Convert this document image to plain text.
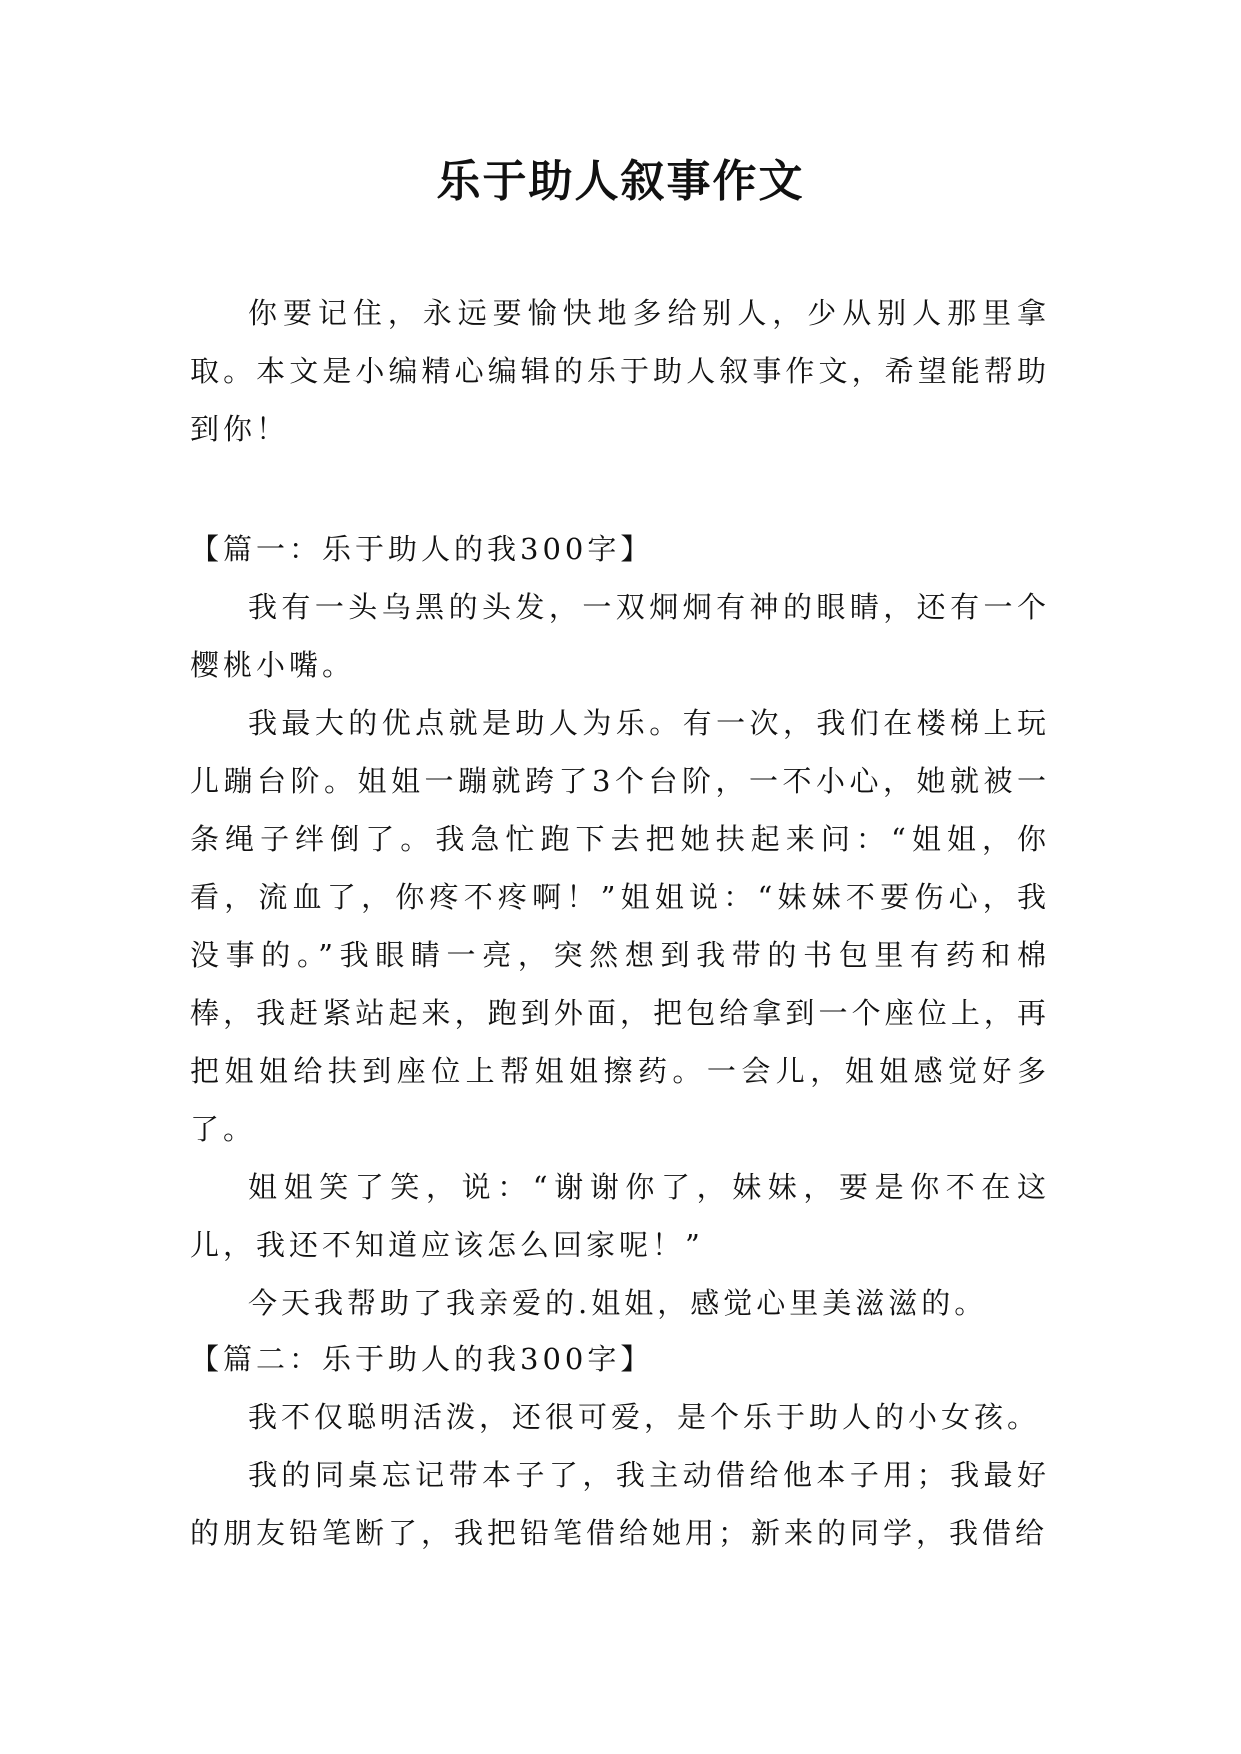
乐于助人叙事作文

你要记住，永远要愉快地多给别人，少从别人那里拿取。本文是小编精心编辑的乐于助人叙事作文，希望能帮助到你！

【篇一：乐于助人的我300字】

我有一头乌黑的头发，一双炯炯有神的眼睛，还有一个樱桃小嘴。

我最大的优点就是助人为乐。有一次，我们在楼梯上玩儿蹦台阶。姐姐一蹦就跨了3个台阶，一不小心，她就被一条绳子绊倒了。我急忙跑下去把她扶起来问：“姐姐，你看，流血了，你疼不疼啊！”姐姐说：“妹妹不要伤心，我没事的。”我眼睛一亮，突然想到我带的书包里有药和棉棒，我赶紧站起来，跑到外面，把包给拿到一个座位上，再把姐姐给扶到座位上帮姐姐擦药。一会儿，姐姐感觉好多了。

姐姐笑了笑，说：“谢谢你了，妹妹，要是你不在这儿，我还不知道应该怎么回家呢！”

今天我帮助了我亲爱的.姐姐，感觉心里美滋滋的。

【篇二：乐于助人的我300字】

我不仅聪明活泼，还很可爱，是个乐于助人的小女孩。

我的同桌忘记带本子了，我主动借给他本子用；我最好的朋友铅笔断了，我把铅笔借给她用；新来的同学，我借给
